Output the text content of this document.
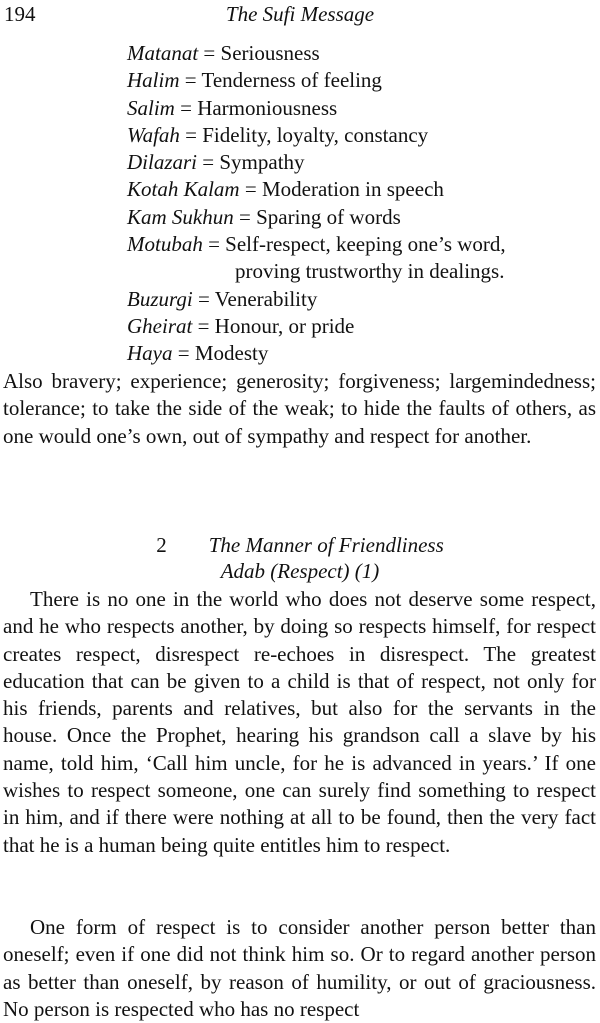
194	The Sufi Message
Matanat = Seriousness
Halim = Tenderness of feeling
Salim = Harmoniousness
Wafah = Fidelity, loyalty, constancy
Dilazari = Sympathy
Kotah Kalam = Moderation in speech
Kam Sukhun = Sparing of words
Motubah = Self-respect, keeping one’s word,
proving trustworthy in dealings.
Buzurgi = Venerability
Gheirat = Honour, or pride
Haya = Modesty

Also bravery; experience; generosity; forgiveness; largemindedness; tolerance; to take the side of the weak; to hide the faults of others, as one would one’s own, out of sympathy and respect for another.

2 The Manner of Friendliness
Adab (Respect) (1)

There is no one in the world who does not deserve some respect, and he who respects another, by doing so respects himself, for respect creates respect, disrespect re-echoes in disrespect. The greatest education that can be given to a child is that of respect, not only for his friends, parents and relatives, but also for the servants in the house. Once the Prophet, hearing his grandson call a slave by his name, told him, ‘Call him uncle, for he is advanced in years.’ If one wishes to respect someone, one can surely find something to respect in him, and if there were nothing at all to be found, then the very fact that he is a human being quite entitles him to respect.

One form of respect is to consider another person better than oneself; even if one did not think him so. Or to regard another person as better than oneself, by reason of humility, or out of graciousness. No person is respected who has no respect
